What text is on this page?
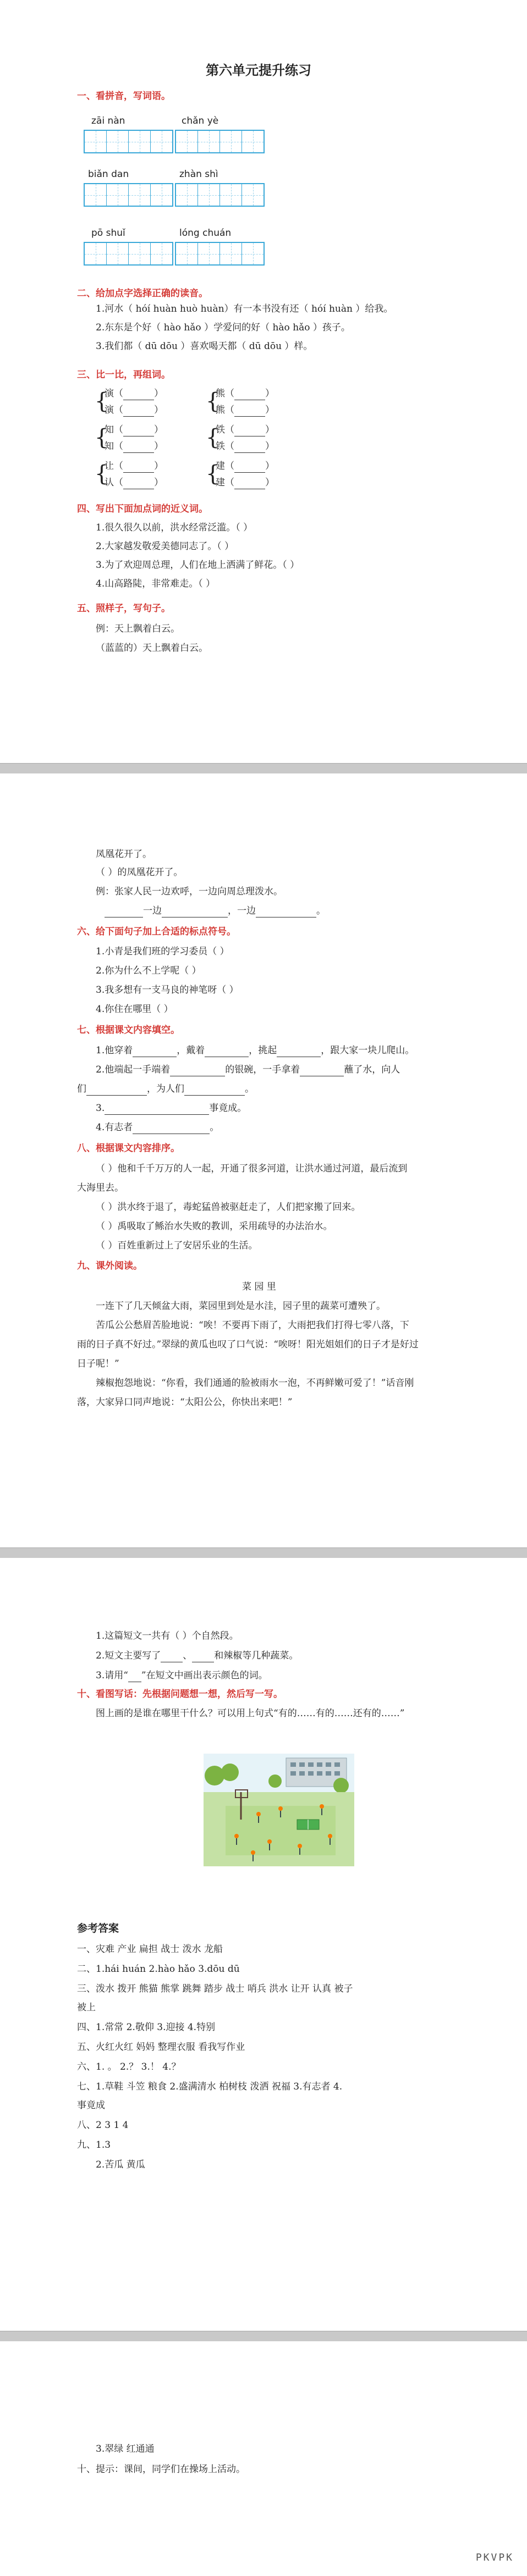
第六单元提升练习
一、看拼音，写词语。
zāi nàn	chǎn yè
biǎn dan	zhàn shì
pō shuǐ	lóng chuán
二、给加点字选择正确的读音。
1.河水（ hóí huàn huò huàn）有一本书没有还（ hóí huàn ）给我。
2.东东是个好（ hào hǎo ）学爱问的好（ hào hǎo ）孩子。
3.我们都（ dū dōu ）喜欢喝天都（ dū dōu ）样。
三、比一比，再组词。
{
{
{
{
{
{
演（	）	熊（	）
演（	）	熊（	）
知（	）	铁（	）
知（	）	铁（	）
让（	）	建（	）
认（	）	建（	）
四、写出下面加点词的近义词。
1.很久很久以前，洪水经常泛滥。（ ）
2.大家越发敬爱美德同志了。（ ）
3.为了欢迎周总理，人们在地上洒满了鲜花。（ ）
4.山高路陡，非常难走。（ ）
五、照样子，写句子。
例：天上飘着白云。
（蓝蓝的）天上飘着白云。
凤凰花开了。
（ ）的凤凰花开了。
例：张家人民一边欢呼，一边向周总理泼水。
一边	，一边	。
六、给下面句子加上合适的标点符号。
1.小青是我们班的学习委员（ ）
2.你为什么不上学呢（ ）
3.我多想有一支马良的神笔呀（ ）
4.你住在哪里（ ）
七、根据课文内容填空。
1.他穿着	，戴着	，挑起	，跟大家一块儿爬山。
2.他端起一手端着	的银碗，一手拿着	蘸了水，向人
们	，为人们	。
3.	事竟成。
4.有志者	。
八、根据课文内容排序。
（ ）他和千千万万的人一起，开通了很多河道，让洪水通过河道，最后流到
大海里去。
（ ）洪水终于退了，毒蛇猛兽被驱赶走了，人们把家搬了回来。
（ ）禹吸取了鲧治水失败的教训，采用疏导的办法治水。
（ ）百姓重新过上了安居乐业的生活。
九、课外阅读。
菜 园 里
一连下了几天倾盆大雨，菜园里到处是水洼，园子里的蔬菜可遭殃了。
苦瓜公公愁眉苦脸地说：“唉！不要再下雨了，大雨把我们打得七零八落，下
雨的日子真不好过。”翠绿的黄瓜也叹了口气说：“唉呀！阳光姐姐们的日子才是好过
日子呢！”
辣椒抱怨地说：“你看，我们通通的脸被雨水一泡，不再鲜嫩可爱了！”话音刚
落，大家异口同声地说：“太阳公公，你快出来吧！”
1.这篇短文一共有（ ）个自然段。
2.短文主要写了 、 和辣椒等几种蔬菜。
3.请用“ ”在短文中画出表示颜色的词。
十、看图写话：先根据问题想一想，然后写一写。
图上画的是谁在哪里干什么？可以用上句式“有的……有的……还有的……”
参考答案
一、灾难 产业 扁担 战士 泼水 龙船
二、1.hái huán 2.hào hǎo 3.dōu dū
三、泼水 拨开 熊猫 熊掌 跳舞 踏步 战士 哨兵 洪水 让开 认真 被子
被上
四、1.常常 2.敬仰 3.迎接 4.特别
五、火红火红 妈妈 整理衣服 看我写作业
六、1. 。 2.？ 3.！ 4.？
七、1.草鞋 斗笠 粮食 2.盛满清水 柏树枝 泼洒 祝福 3.有志者 4.
事竟成
八、2 3 1 4
九、1.3
2.苦瓜 黄瓜
3.翠绿 红通通
十、提示：课间，同学们在操场上活动。
PKVPK
